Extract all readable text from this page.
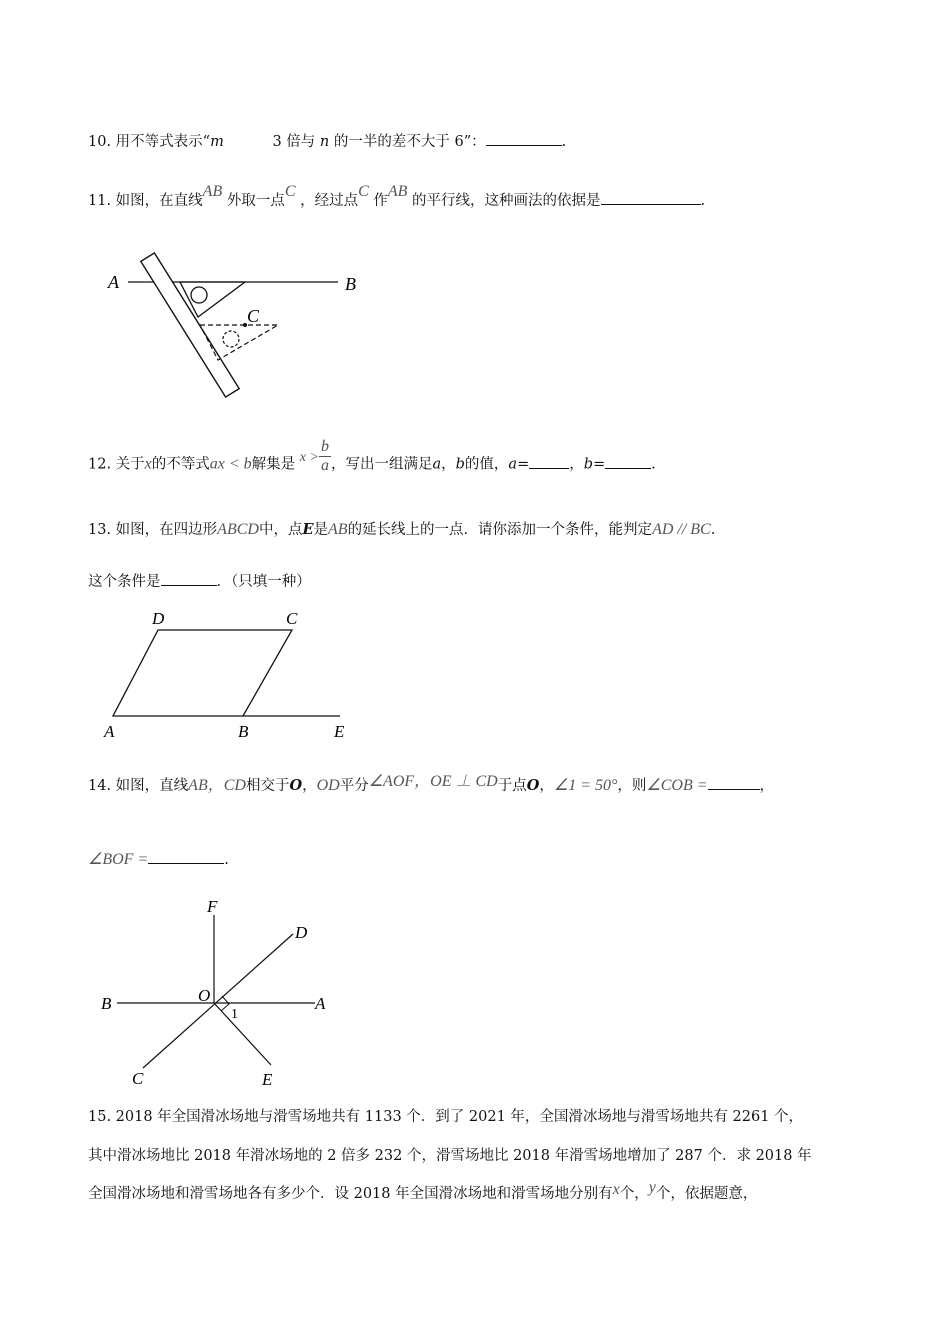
10. 用不等式表示“m	3 倍与 n 的一半的差不大于 6”：	.
11. 如图，在直线AB 外取一点C ，经过点C 作AB 的平行线，这种画法的依据是	.
A	B
C
12. 关于x的不等式ax < b解集是 $x > \frac{b}{a}$ ，写出一组满足a，b的值，a=	，b=	.
13. 如图，在四边形ABCD中，点E是AB的延长线上的一点．请你添加一个条件，能判定AD // BC.
这个条件是	．（只填一种）
D	C
A	B	E
14. 如图，直线AB，CD相交于O，OD平分∠AOF，OE ⊥ CD于点O，∠1 = 50°，则∠COB =	，
∠BOF =	.
F
D
B	O	A
1
C	E
15. 2018 年全国滑冰场地与滑雪场地共有 1133 个．到了 2021 年，全国滑冰场地与滑雪场地共有 2261 个，
其中滑冰场地比 2018 年滑冰场地的 2 倍多 232 个，滑雪场地比 2018 年滑雪场地增加了 287 个．求 2018 年
全国滑冰场地和滑雪场地各有多少个．设 2018 年全国滑冰场地和滑雪场地分别有x个，y个，依据题意，
